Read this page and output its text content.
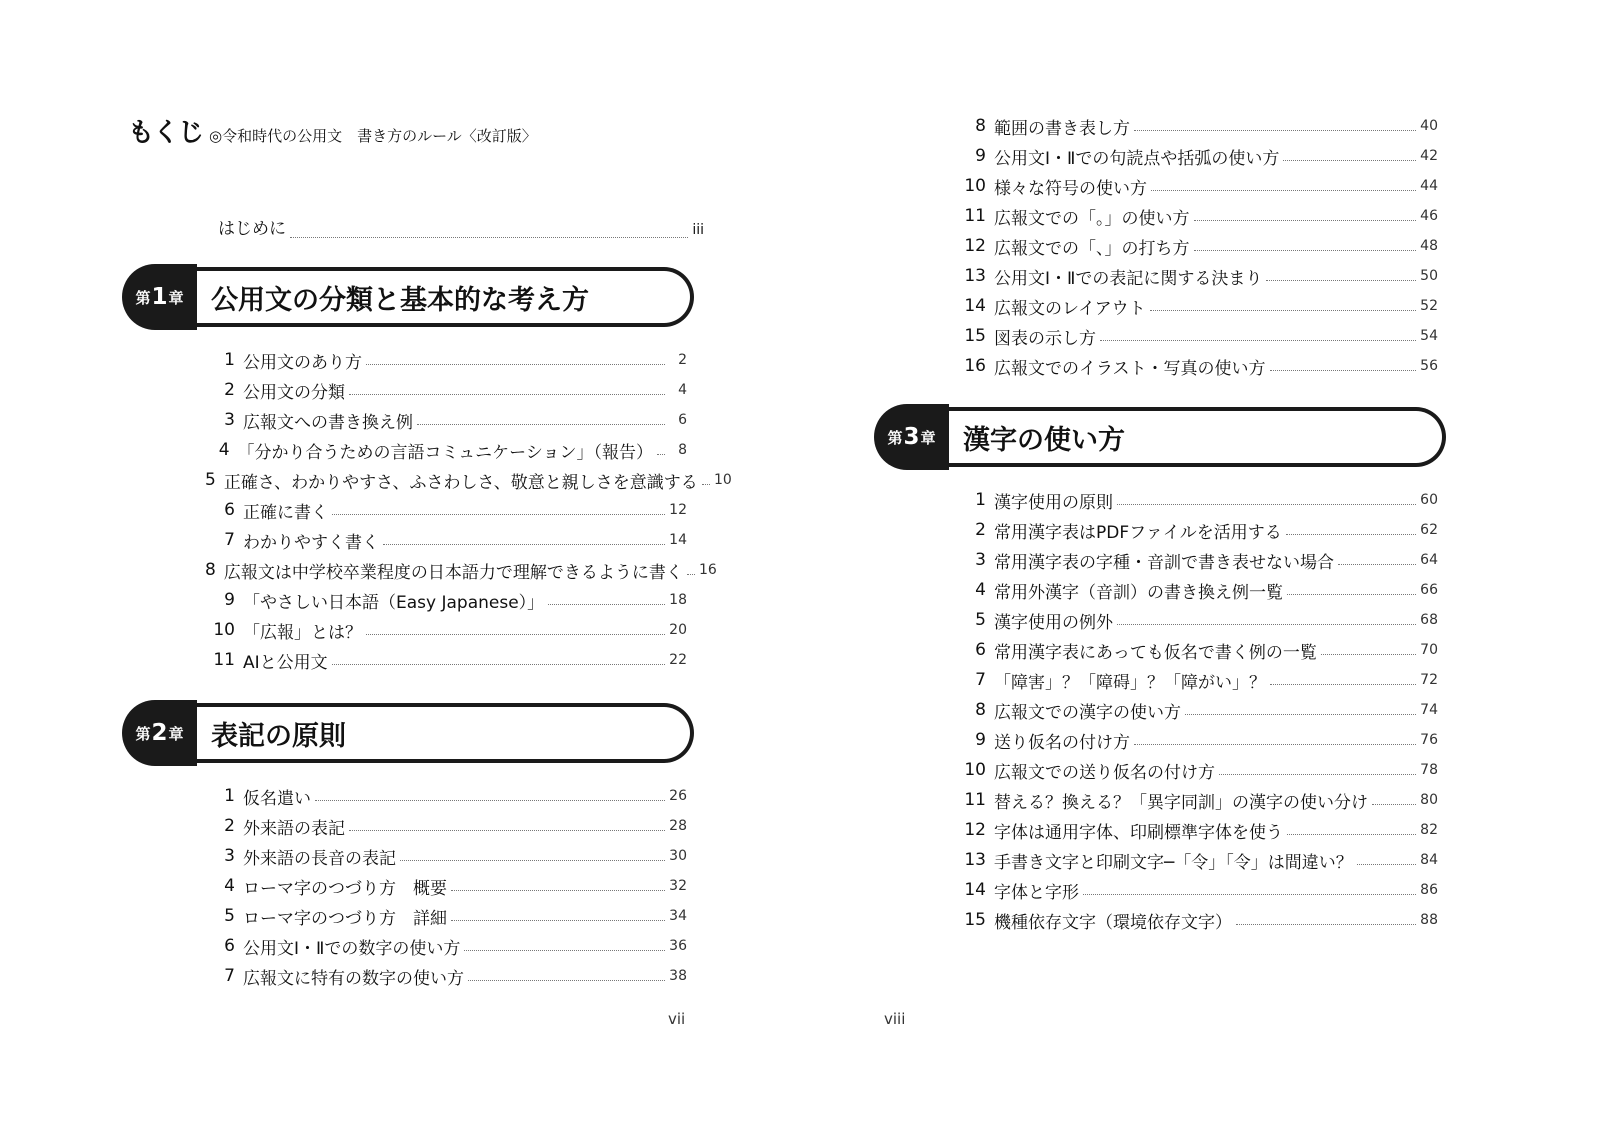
もくじ ◎令和時代の公用文　書き方のルール〈改訂版〉
はじめに	iii
第 1 章	公用文の分類と基本的な考え方
1 公用文のあり方	2
2 公用文の分類	4
3 広報文への書き換え例	6
4 「分かり合うための言語コミュニケーション」（報告）	8
5 正確さ、わかりやすさ、ふさわしさ、敬意と親しさを意識する 10
6 正確に書く	12
7 わかりやすく書く	14
8 広報文は中学校卒業程度の日本語力で理解できるように書く 16
9 「やさしい日本語（Easy Japanese）」	18
10 「広報」とは？	20
11 AIと公用文	22
第 2 章	表記の原則
1 仮名遣い	26
2 外来語の表記	28
3 外来語の長音の表記	30
4 ローマ字のつづり方　概要	32
5 ローマ字のつづり方　詳細	34
6 公用文Ⅰ・Ⅱでの数字の使い方	36
7 広報文に特有の数字の使い方	38
vii
8 範囲の書き表し方	40
9 公用文Ⅰ・Ⅱでの句読点や括弧の使い方	42
10 様々な符号の使い方	44
11 広報文での「。」の使い方	46
12 広報文での「、」の打ち方	48
13 公用文Ⅰ・Ⅱでの表記に関する決まり	50
14 広報文のレイアウト	52
15 図表の示し方	54
16 広報文でのイラスト・写真の使い方	56
第 3 章	漢字の使い方
1 漢字使用の原則	60
2 常用漢字表はPDFファイルを活用する	62
3 常用漢字表の字種・音訓で書き表せない場合	64
4 常用外漢字（音訓）の書き換え例一覧	66
5 漢字使用の例外	68
6 常用漢字表にあっても仮名で書く例の一覧	70
7 「障害」？「障碍」？「障がい」？	72
8 広報文での漢字の使い方	74
9 送り仮名の付け方	76
10 広報文での送り仮名の付け方	78
11 替える？換える？「異字同訓」の漢字の使い分け	80
12 字体は通用字体、印刷標準字体を使う	82
13 手書き文字と印刷文字─「令」「令」は間違い？	84
14 字体と字形	86
15 機種依存文字（環境依存文字）	88
viii
